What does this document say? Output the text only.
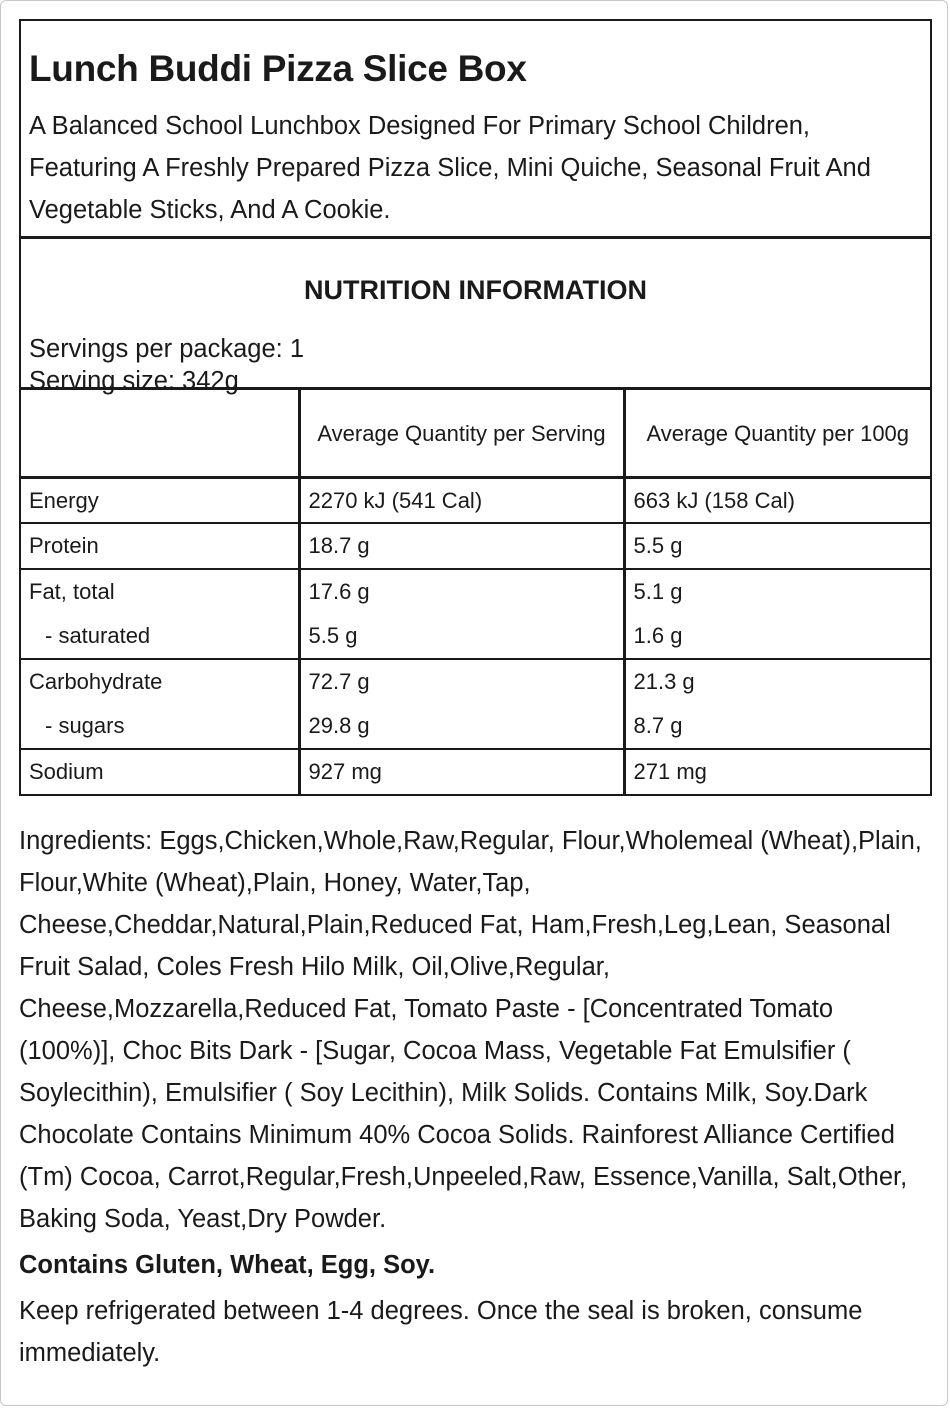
Lunch Buddi Pizza Slice Box
A Balanced School Lunchbox Designed For Primary School Children, Featuring A Freshly Prepared Pizza Slice, Mini Quiche, Seasonal Fruit And Vegetable Sticks, And A Cookie.
NUTRITION INFORMATION
Servings per package: 1
Serving size: 342g
	Average Quantity per Serving	Average Quantity per 100g
Energy	2270 kJ (541 Cal)	663 kJ (158 Cal)
Protein	18.7 g	5.5 g
Fat, total	17.6 g	5.1 g
- saturated	5.5 g	1.6 g
Carbohydrate	72.7 g	21.3 g
- sugars	29.8 g	8.7 g
Sodium	927 mg	271 mg
Ingredients: Eggs,Chicken,Whole,Raw,Regular, Flour,Wholemeal (Wheat),Plain, Flour,White (Wheat),Plain, Honey, Water,Tap, Cheese,Cheddar,Natural,Plain,Reduced Fat, Ham,Fresh,Leg,Lean, Seasonal Fruit Salad, Coles Fresh Hilo Milk, Oil,Olive,Regular, Cheese,Mozzarella,Reduced Fat, Tomato Paste - [Concentrated Tomato (100%)], Choc Bits Dark - [Sugar, Cocoa Mass, Vegetable Fat Emulsifier ( Soylecithin), Emulsifier ( Soy Lecithin), Milk Solids. Contains Milk, Soy.Dark Chocolate Contains Minimum 40% Cocoa Solids. Rainforest Alliance Certified (Tm) Cocoa, Carrot,Regular,Fresh,Unpeeled,Raw, Essence,Vanilla, Salt,Other, Baking Soda, Yeast,Dry Powder.
Contains Gluten, Wheat, Egg, Soy.
Keep refrigerated between 1-4 degrees. Once the seal is broken, consume immediately.
